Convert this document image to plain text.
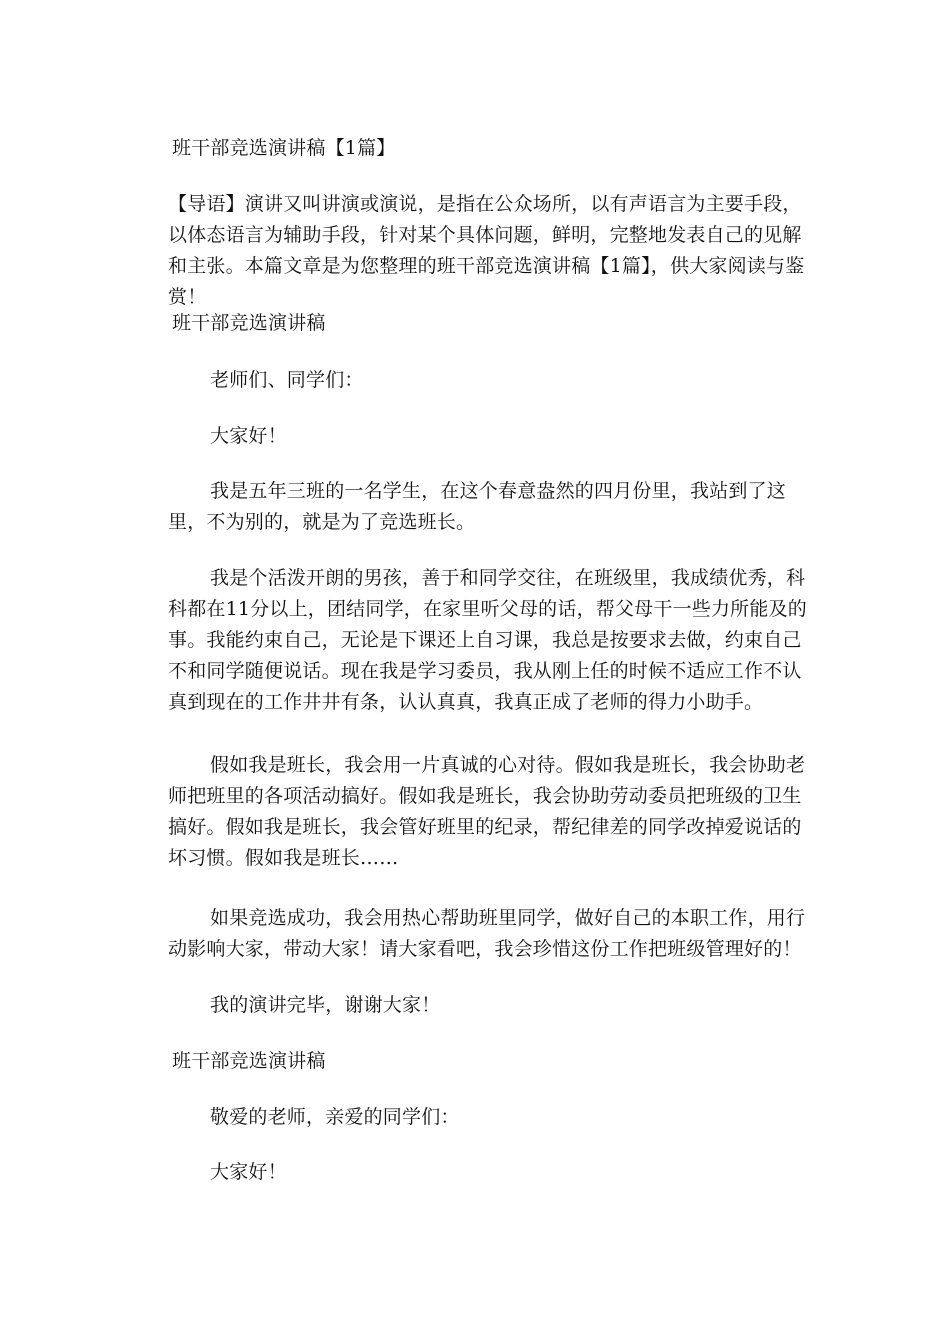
班干部竞选演讲稿【1篇】

【导语】演讲又叫讲演或演说，是指在公众场所，以有声语言为主要手段，以体态语言为辅助手段，针对某个具体问题，鲜明，完整地发表自己的见解和主张。本篇文章是为您整理的班干部竞选演讲稿【1篇】，供大家阅读与鉴赏！

班干部竞选演讲稿

老师们、同学们：

大家好！

我是五年三班的一名学生，在这个春意盎然的四月份里，我站到了这里，不为别的，就是为了竞选班长。

我是个活泼开朗的男孩，善于和同学交往，在班级里，我成绩优秀，科科都在11分以上，团结同学，在家里听父母的话，帮父母干一些力所能及的事。我能约束自己，无论是下课还上自习课，我总是按要求去做，约束自己不和同学随便说话。现在我是学习委员，我从刚上任的时候不适应工作不认真到现在的工作井井有条，认认真真，我真正成了老师的得力小助手。

假如我是班长，我会用一片真诚的心对待。假如我是班长，我会协助老师把班里的各项活动搞好。假如我是班长，我会协助劳动委员把班级的卫生搞好。假如我是班长，我会管好班里的纪录，帮纪律差的同学改掉爱说话的坏习惯。假如我是班长……

如果竞选成功，我会用热心帮助班里同学，做好自己的本职工作，用行动影响大家，带动大家！请大家看吧，我会珍惜这份工作把班级管理好的！

我的演讲完毕，谢谢大家！

班干部竞选演讲稿

敬爱的老师，亲爱的同学们：

大家好！
